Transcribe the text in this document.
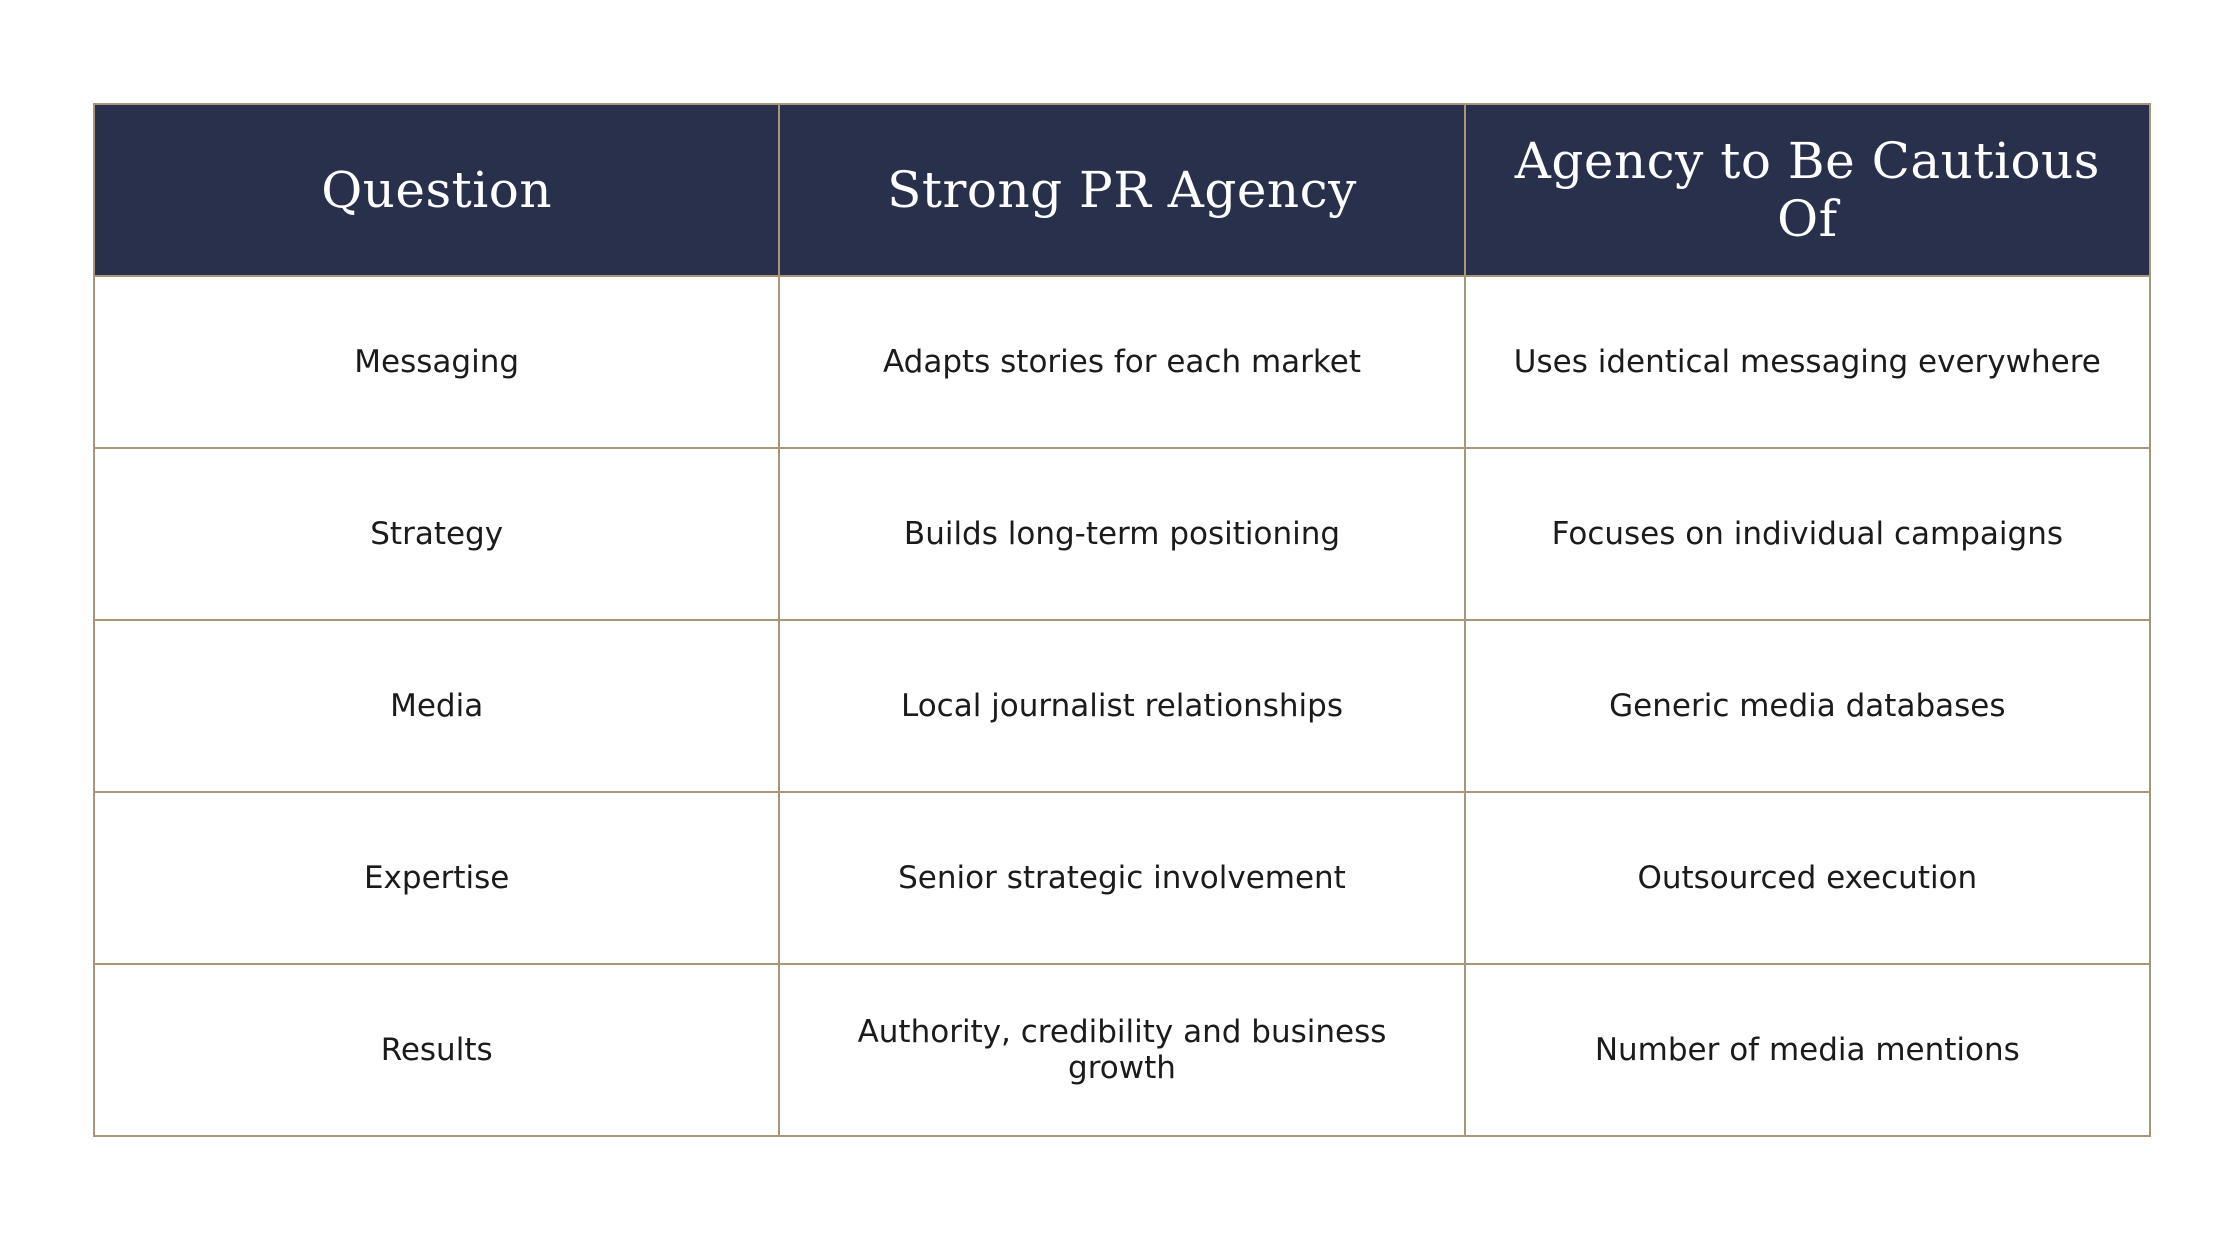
Question	Strong PR Agency	Agency to Be Cautious Of
Messaging	Adapts stories for each market	Uses identical messaging everywhere
Strategy	Builds long-term positioning	Focuses on individual campaigns
Media	Local journalist relationships	Generic media databases
Expertise	Senior strategic involvement	Outsourced execution
Results	Authority, credibility and business growth	Number of media mentions
